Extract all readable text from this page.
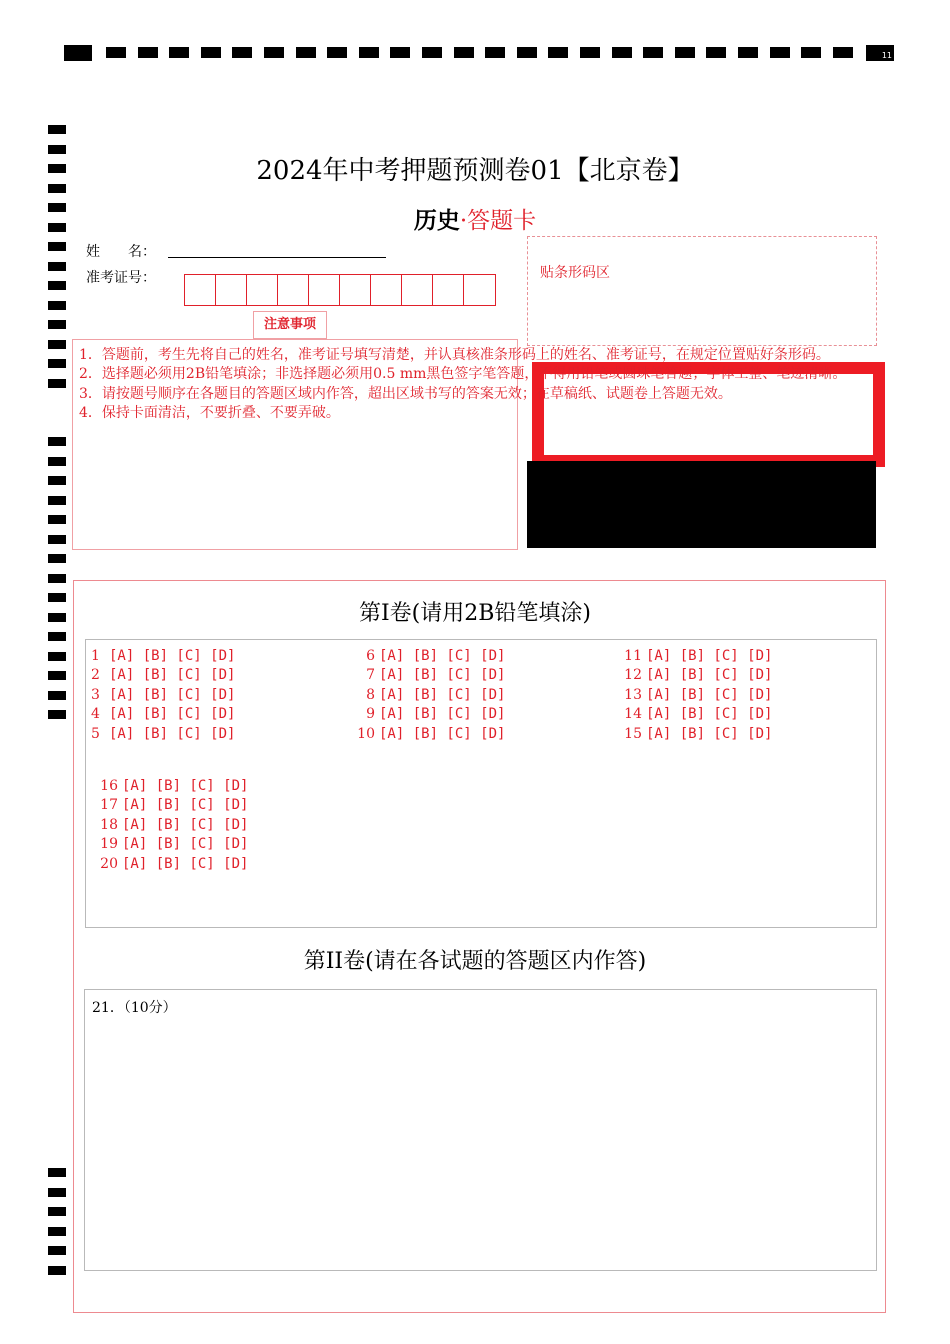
11
2024年中考押题预测卷01【北京卷】
历史·答题卡
姓　　名：
准考证号：
注意事项
贴条形码区
1．答题前，考生先将自己的姓名，准考证号填写清楚，并认真核准条形码上的姓名、准考证号，在规定位置贴好条形码。
2．选择题必须用2B铅笔填涂；非选择题必须用0.5 mm黑色签字笔答题，不得用铅笔或圆珠笔答题；字体工整、笔迹清晰。
3．请按题号顺序在各题目的答题区域内作答，超出区域书写的答案无效；在草稿纸、试题卷上答题无效。
4．保持卡面清洁，不要折叠、不要弄破。
第I卷(请用2B铅笔填涂)
1 [A] [B] [C] [D]
2 [A] [B] [C] [D]
3 [A] [B] [C] [D]
4 [A] [B] [C] [D]
5 [A] [B] [C] [D]
6 [A] [B] [C] [D]
7 [A] [B] [C] [D]
8 [A] [B] [C] [D]
9 [A] [B] [C] [D]
10 [A] [B] [C] [D]
11 [A] [B] [C] [D]
12 [A] [B] [C] [D]
13 [A] [B] [C] [D]
14 [A] [B] [C] [D]
15 [A] [B] [C] [D]
16 [A] [B] [C] [D]
17 [A] [B] [C] [D]
18 [A] [B] [C] [D]
19 [A] [B] [C] [D]
20 [A] [B] [C] [D]
第II卷(请在各试题的答题区内作答)
21．（10分）
